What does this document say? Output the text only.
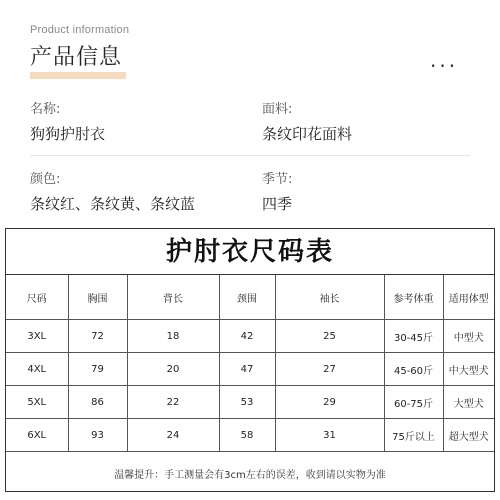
Product information
产品信息	...
名称:
狗狗护肘衣
面料:
条纹印花面料
颜色:
条纹红、条纹黄、条纹蓝
季节:
四季
护肘衣尺码表
尺码	胸围	背长	颈围	袖长	参考体重	适用体型
3XL	72	18	42	25	30-45斤	中型犬
4XL	79	20	47	27	45-60斤	中大型犬
5XL	86	22	53	29	60-75斤	大型犬
6XL	93	24	58	31	75斤以上	超大型犬
温馨提升：手工测量会有3cm左右的误差，收到请以实物为准
